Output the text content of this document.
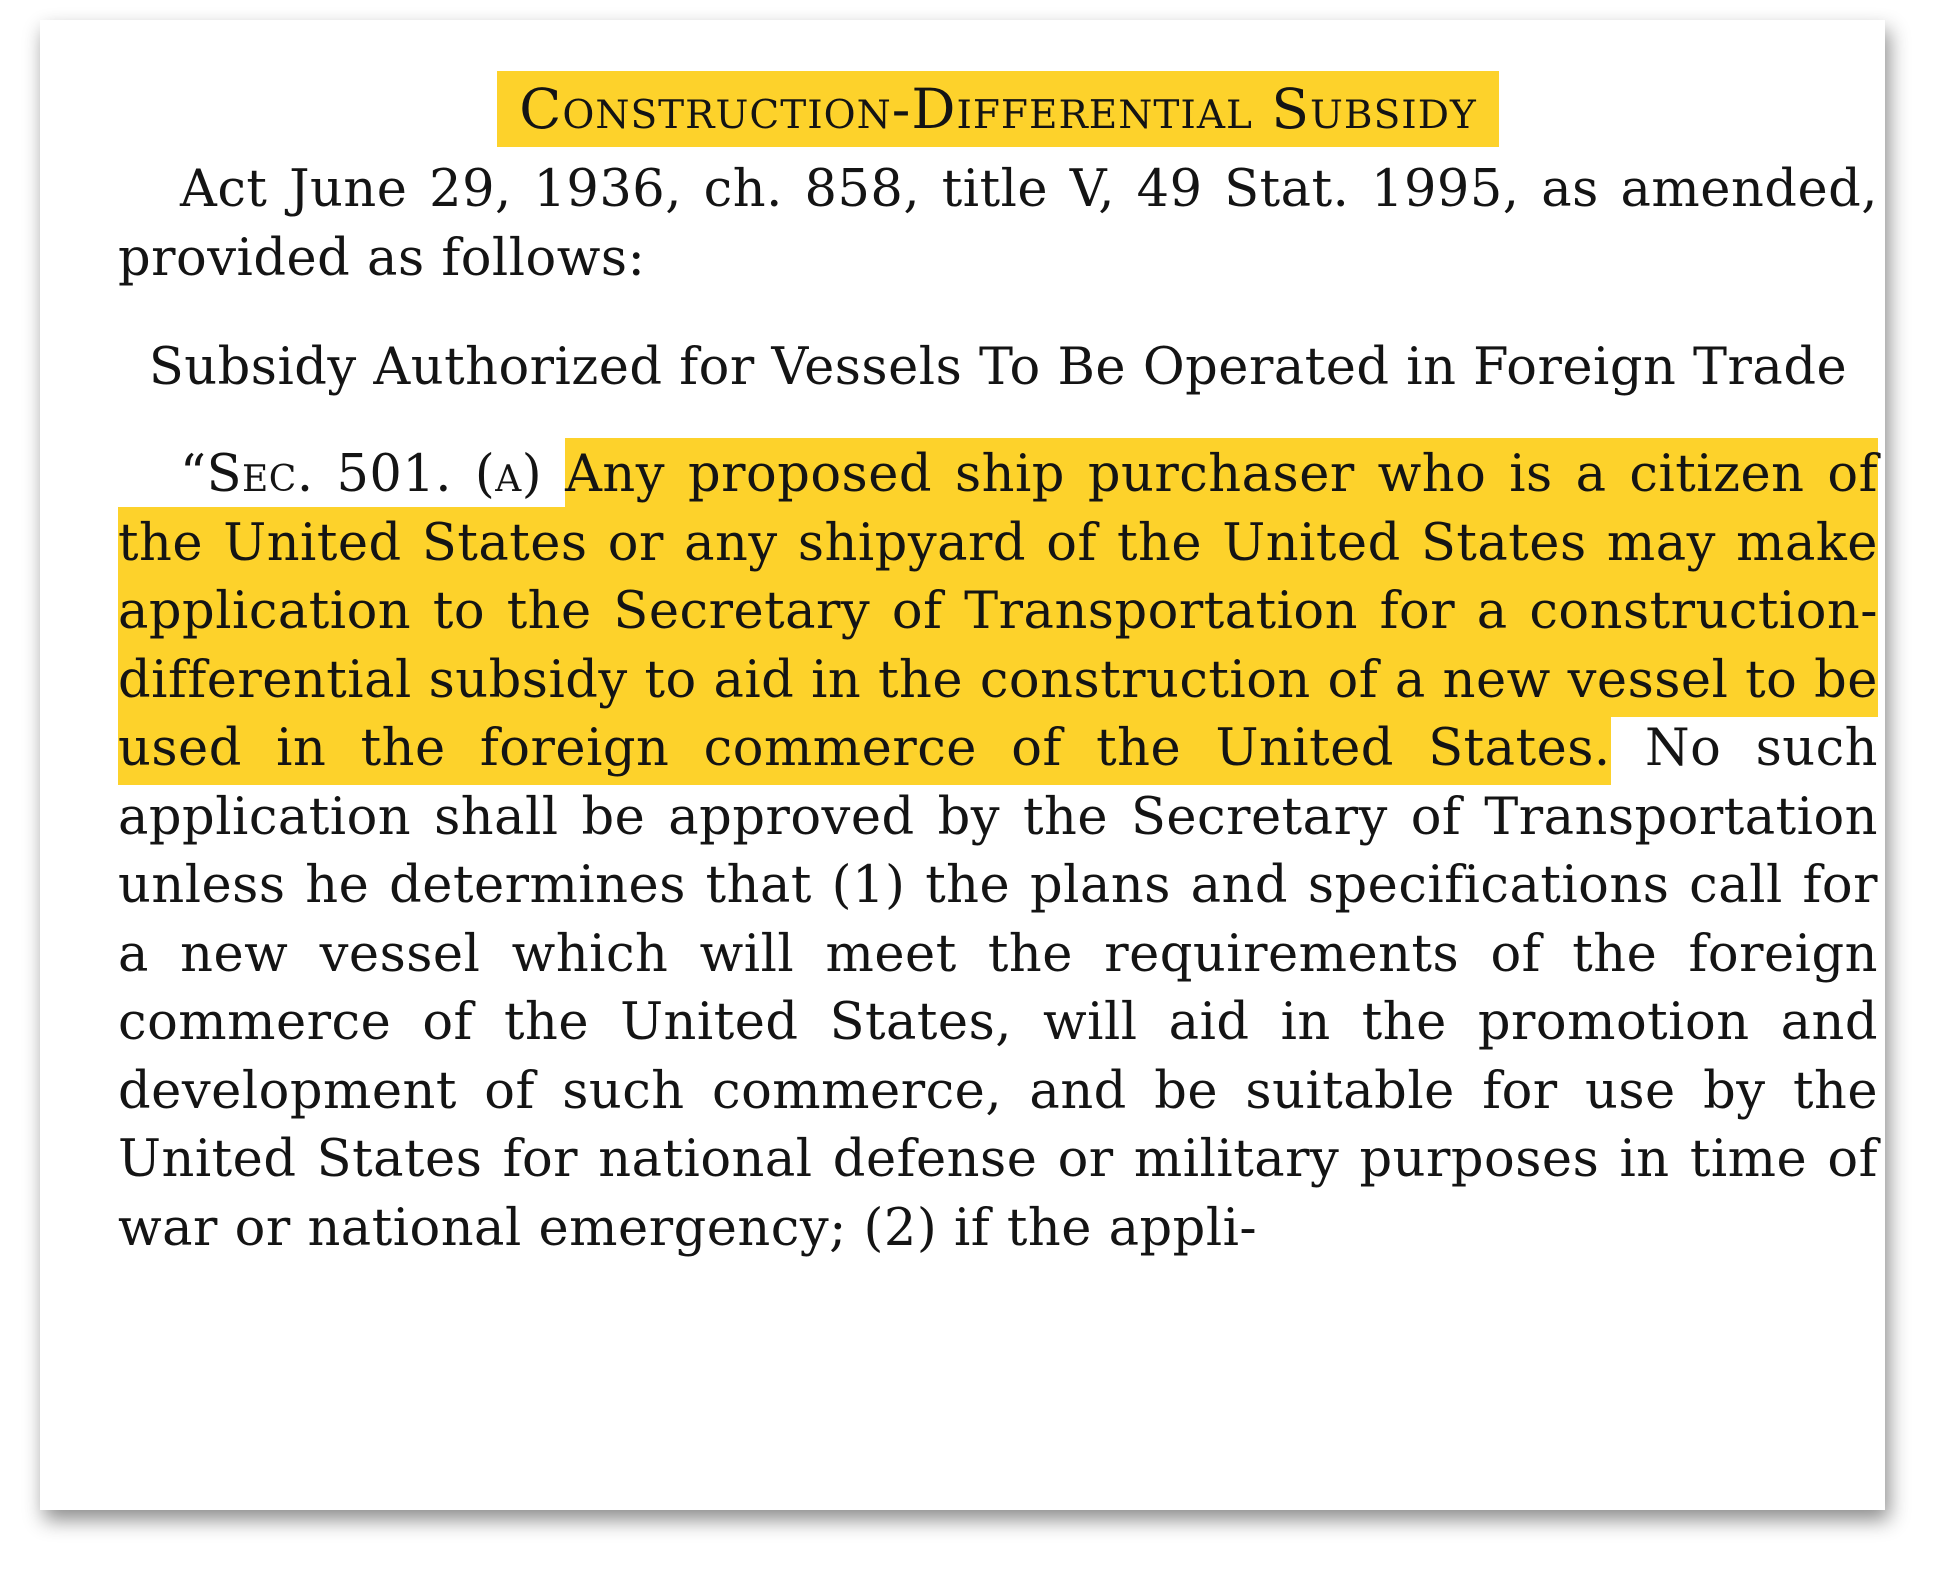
Construction-Differential Subsidy

Act June 29, 1936, ch. 858, title V, 49 Stat. 1995, as amended, provided as follows:

Subsidy Authorized for Vessels To Be Operated in Foreign Trade

“Sec. 501. (a) Any proposed ship purchaser who is a citizen of the United States or any shipyard of the United States may make application to the Secretary of Transportation for a construction-differential subsidy to aid in the construction of a new vessel to be used in the foreign commerce of the United States. No such application shall be approved by the Secretary of Transportation unless he determines that (1) the plans and specifications call for a new vessel which will meet the requirements of the foreign commerce of the United States, will aid in the promotion and development of such commerce, and be suitable for use by the United States for national defense or military purposes in time of war or national emergency; (2) if the appli-
